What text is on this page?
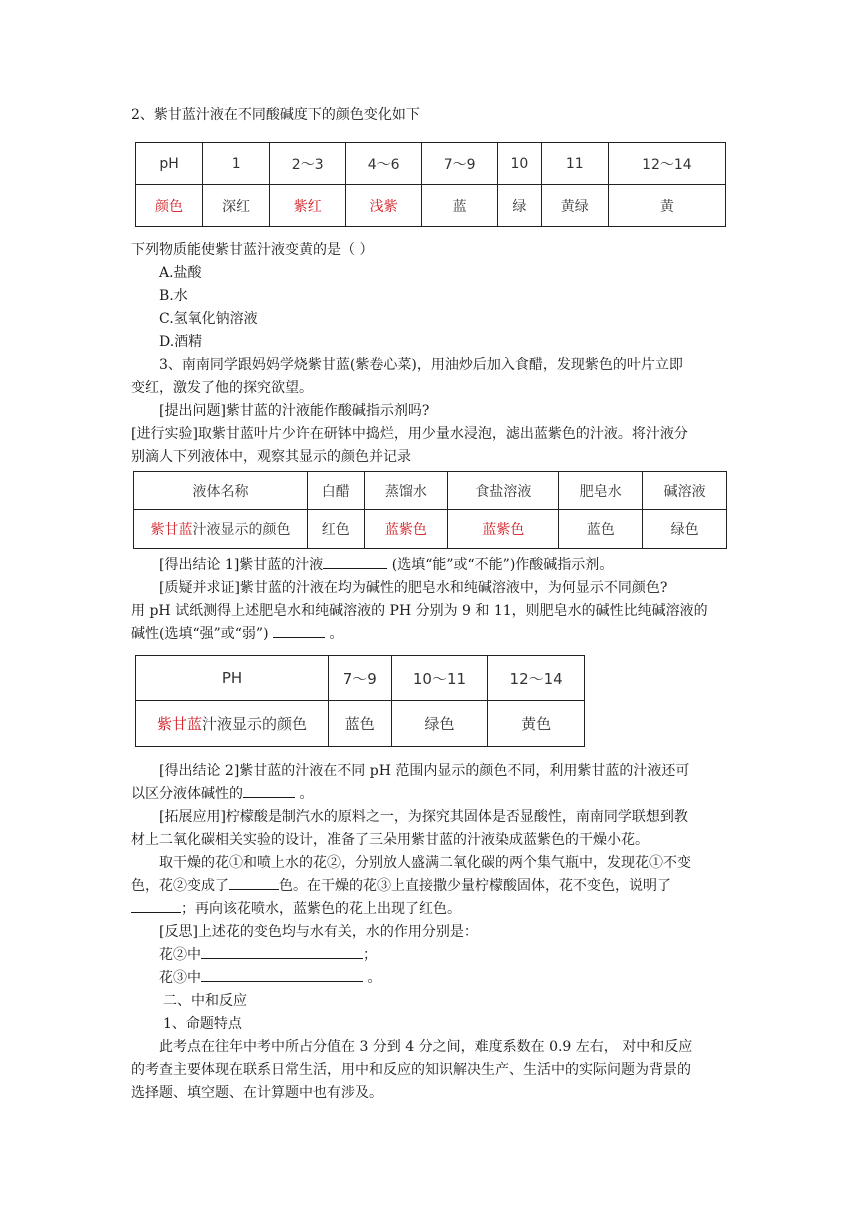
2、紫甘蓝汁液在不同酸碱度下的颜色变化如下
pH	1	2～3	4～6	7～9	10	11	12～14
颜色	深红	紫红	浅紫	蓝	绿	黄绿	黄
下列物质能使紫甘蓝汁液变黄的是（ ）
A.盐酸
B.水
C.氢氧化钠溶液
D.酒精
3、南南同学跟妈妈学烧紫甘蓝(紫卷心菜)，用油炒后加入食醋，发现紫色的叶片立即
变红，激发了他的探究欲望。
[提出问题]紫甘蓝的汁液能作酸碱指示剂吗?
[进行实验]取紫甘蓝叶片少许在研钵中捣烂，用少量水浸泡，滤出蓝紫色的汁液。将汁液分
别滴人下列液体中，观察其显示的颜色并记录
液体名称	白醋	蒸馏水	食盐溶液	肥皂水	碱溶液
紫甘蓝汁液显示的颜色	红色	蓝紫色	蓝紫色	蓝色	绿色
[得出结论 1]紫甘蓝的汁液	(选填“能”或“不能”)作酸碱指示剂。
[质疑并求证]紫甘蓝的汁液在均为碱性的肥皂水和纯碱溶液中，为何显示不同颜色?
用 pH 试纸测得上述肥皂水和纯碱溶液的 PH 分别为 9 和 11，则肥皂水的碱性比纯碱溶液的
碱性(选填“强”或“弱”)	。
PH	7～9	10～11	12～14
紫甘蓝汁液显示的颜色	蓝色	绿色	黄色
[得出结论 2]紫甘蓝的汁液在不同 pH 范围内显示的颜色不同，利用紫甘蓝的汁液还可
以区分液体碱性的	。
[拓展应用]柠檬酸是制汽水的原料之一，为探究其固体是否显酸性，南南同学联想到教
材上二氧化碳相关实验的设计，准备了三朵用紫甘蓝的汁液染成蓝紫色的干燥小花。
取干燥的花①和喷上水的花②，分别放人盛满二氧化碳的两个集气瓶中，发现花①不变
色，花②变成了	色。在干燥的花③上直接撒少量柠檬酸固体，花不变色，说明了
；再向该花喷水，蓝紫色的花上出现了红色。
[反思]上述花的变色均与水有关，水的作用分别是：
花②中	；
花③中	。
二、中和反应
1、命题特点
此考点在往年中考中所占分值在 3 分到 4 分之间，难度系数在 0.9 左右， 对中和反应
的考查主要体现在联系日常生活，用中和反应的知识解决生产、生活中的实际问题为背景的
选择题、填空题、在计算题中也有涉及。
